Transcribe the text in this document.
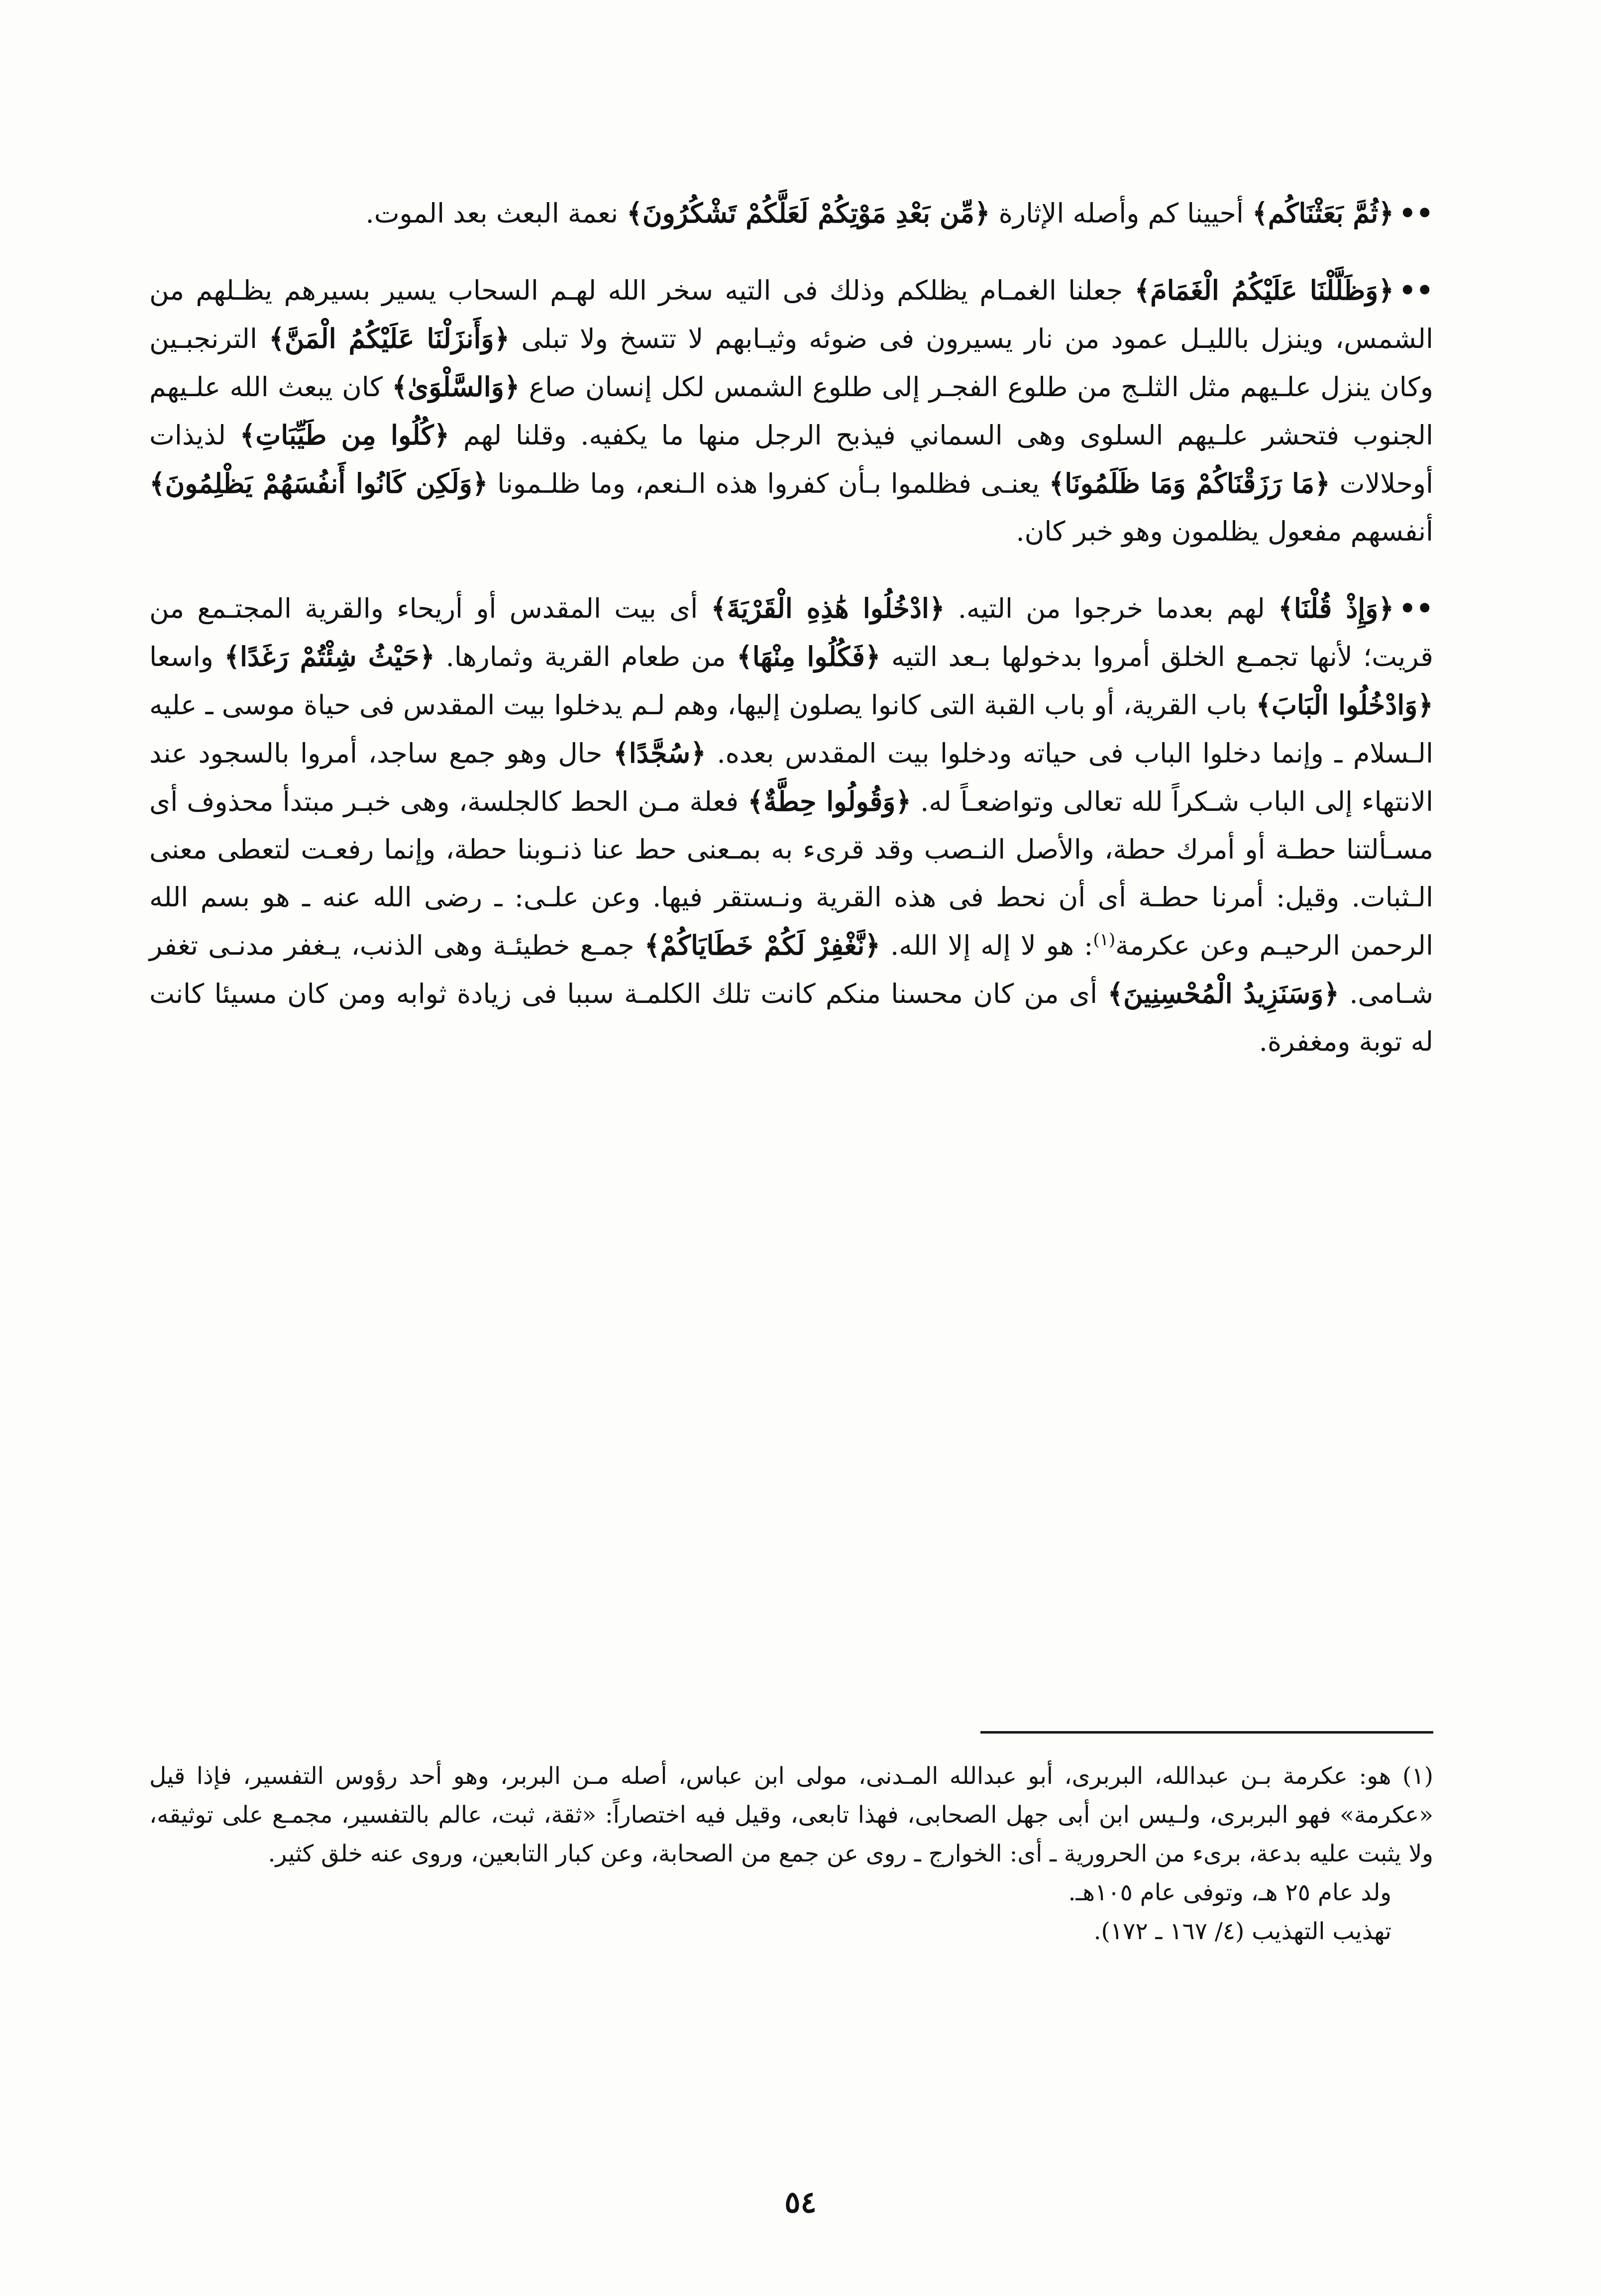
••﴿ثُمَّ بَعَثْنَاكُم﴾ أحيينا كم وأصله الإثارة ﴿مِّن بَعْدِ مَوْتِكُمْ لَعَلَّكُمْ تَشْكُرُونَ﴾ نعمة البعث بعد الموت.

••﴿وَظَلَّلْنَا عَلَيْكُمُ الْغَمَامَ﴾ جعلنا الغمـام يظلكم وذلك فى التيه سخر الله لهـم السحاب يسير بسيرهم يظـلهم من الشمس، وينزل بالليـل عمود من نار يسيرون فى ضوئه وثيـابهم لا تتسخ ولا تبلى ﴿وَأَنزَلْنَا عَلَيْكُمُ الْمَنَّ﴾ الترنجبـين وكان ينزل علـيهم مثل الثلـج من طلوع الفجـر إلى طلوع الشمس لكل إنسان صاع ﴿وَالسَّلْوَىٰ﴾ كان يبعث الله علـيهم الجنوب فتحشر علـيهم السلوى وهى السماني فيذبح الرجل منها ما يكفيه. وقلنا لهم ﴿كُلُوا مِن طَيِّبَاتِ﴾ لذيذات أوحلالات ﴿مَا رَزَقْنَاكُمْ وَمَا ظَلَمُونَا﴾ يعنـى فظلموا بـأن كفروا هذه الـنعم، وما ظلـمونا ﴿وَلَكِن كَانُوا أَنفُسَهُمْ يَظْلِمُونَ﴾ أنفسهم مفعول يظلمون وهو خبر كان.

••﴿وَإِذْ قُلْنَا﴾ لهم بعدما خرجوا من التيه. ﴿ادْخُلُوا هَٰذِهِ الْقَرْيَةَ﴾ أى بيت المقدس أو أريحاء والقرية المجتـمع من قريت؛ لأنها تجمـع الخلق أمروا بدخولها بـعد التيه ﴿فَكُلُوا مِنْهَا﴾ من طعام القرية وثمارها. ﴿حَيْثُ شِئْتُمْ رَغَدًا﴾ واسعا ﴿وَادْخُلُوا الْبَابَ﴾ باب القرية، أو باب القبة التى كانوا يصلون إليها، وهم لـم يدخلوا بيت المقدس فى حياة موسى ـ عليه الـسلام ـ وإنما دخلوا الباب فى حياته ودخلوا بيت المقدس بعده. ﴿سُجَّدًا﴾ حال وهو جمع ساجد، أمروا بالسجود عند الانتهاء إلى الباب شـكراً لله تعالى وتواضعـاً له. ﴿وَقُولُوا حِطَّةٌ﴾ فعلة مـن الحط كالجلسة، وهى خبـر مبتدأ محذوف أى مسـألتنا حطـة أو أمرك حطة، والأصل النـصب وقد قرىء به بمـعنى حط عنا ذنـوبنا حطة، وإنما رفعـت لتعطى معنى الـثبات. وقيل: أمرنا حطـة أى أن نحط فى هذه القرية ونـستقر فيها. وعن علـى: ـ رضى الله عنه ـ هو بسم الله الرحمن الرحيـم وعن عكرمة$^{(١)}$: هو لا إله إلا الله. ﴿نَّغْفِرْ لَكُمْ خَطَايَاكُمْ﴾ جمـع خطيئـة وهى الذنب، يـغفر مدنـى تغفر شـامى. ﴿وَسَنَزِيدُ الْمُحْسِنِينَ﴾ أى من كان محسنا منكم كانت تلك الكلمـة سببا فى زيادة ثوابه ومن كان مسيئا كانت له توبة ومغفرة.

(١) هو: عكرمة بـن عبدالله، البربرى، أبو عبدالله المـدنى، مولى ابن عباس، أصله مـن البربر، وهو أحد رؤوس التفسير، فإذا قيل «عكرمة» فهو البربرى، ولـيس ابن أبى جهل الصحابى، فهذا تابعى، وقيل فيه اختصاراً: «ثقة، ثبت، عالم بالتفسير، مجمـع على توثيقه، ولا يثبت عليه بدعة، برىء من الحرورية ـ أى: الخوارج ـ روى عن جمع من الصحابة، وعن كبار التابعين، وروى عنه خلق كثير.

ولد عام ٢٥ هـ، وتوفى عام ١٠٥هـ.

تهذيب التهذيب (٤/ ١٦٧ ـ ١٧٢).

٥٤
